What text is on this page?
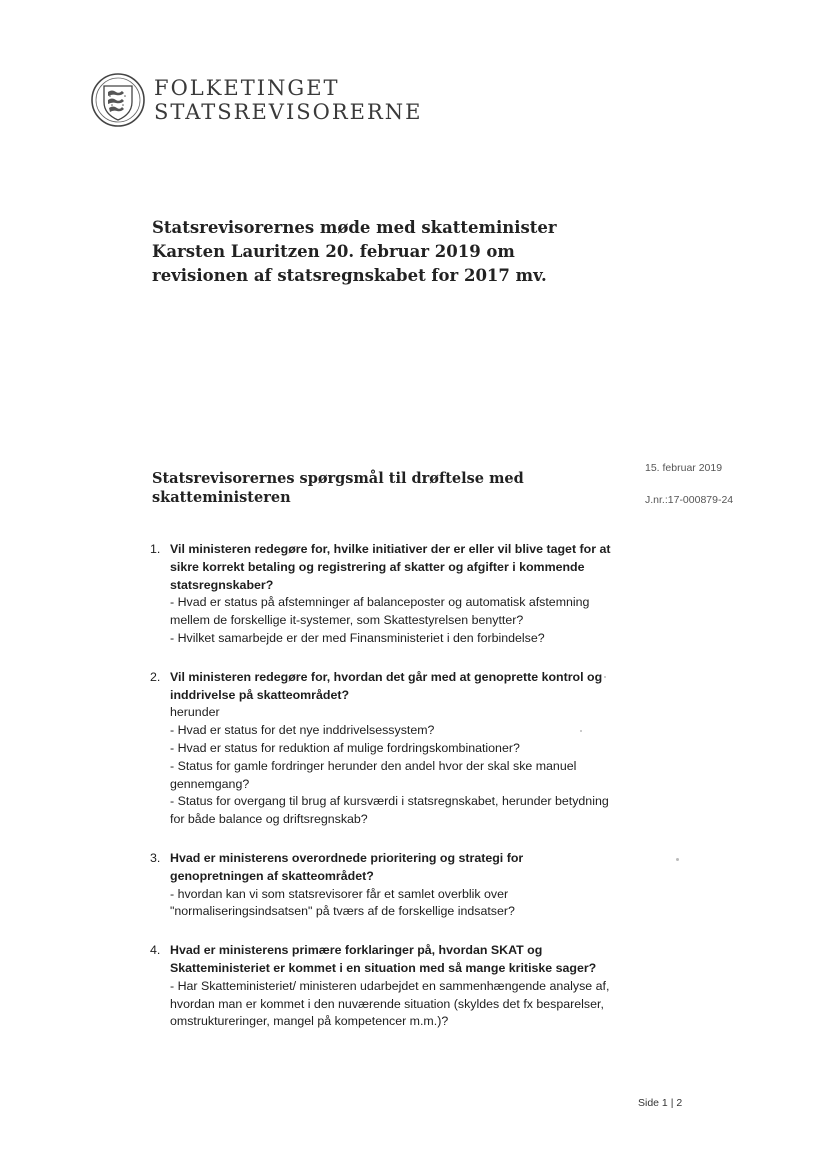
FOLKETINGET
STATSREVISORERNE
Statsrevisorernes møde med skatteminister Karsten Lauritzen 20. februar 2019 om revisionen af statsregnskabet for 2017 mv.
Statsrevisorernes spørgsmål til drøftelse med skatteministeren
15. februar 2019
J.nr.:17-000879-24
1. Vil ministeren redegøre for, hvilke initiativer der er eller vil blive taget for at sikre korrekt betaling og registrering af skatter og afgifter i kommende statsregnskaber?
- Hvad er status på afstemninger af balanceposter og automatisk afstemning mellem de forskellige it-systemer, som Skattestyrelsen benytter?
- Hvilket samarbejde er der med Finansministeriet i den forbindelse?
2. Vil ministeren redegøre for, hvordan det går med at genoprette kontrol og inddrivelse på skatteområdet?
herunder
- Hvad er status for det nye inddrivelsessystem?
- Hvad er status for reduktion af mulige fordringskombinationer?
- Status for gamle fordringer herunder den andel hvor der skal ske manuel gennemgang?
- Status for overgang til brug af kursværdi i statsregnskabet, herunder betydning for både balance og driftsregnskab?
3. Hvad er ministerens overordnede prioritering og strategi for genopretningen af skatteområdet?
- hvordan kan vi som statsrevisorer får et samlet overblik over "normaliseringsindsatsen" på tværs af de forskellige indsatser?
4. Hvad er ministerens primære forklaringer på, hvordan SKAT og Skatteministeriet er kommet i en situation med så mange kritiske sager?
- Har Skatteministeriet/ ministeren udarbejdet en sammenhængende analyse af, hvordan man er kommet i den nuværende situation (skyldes det fx besparelser, omstruktureringer, mangel på kompetencer m.m.)?
Side 1 | 2
